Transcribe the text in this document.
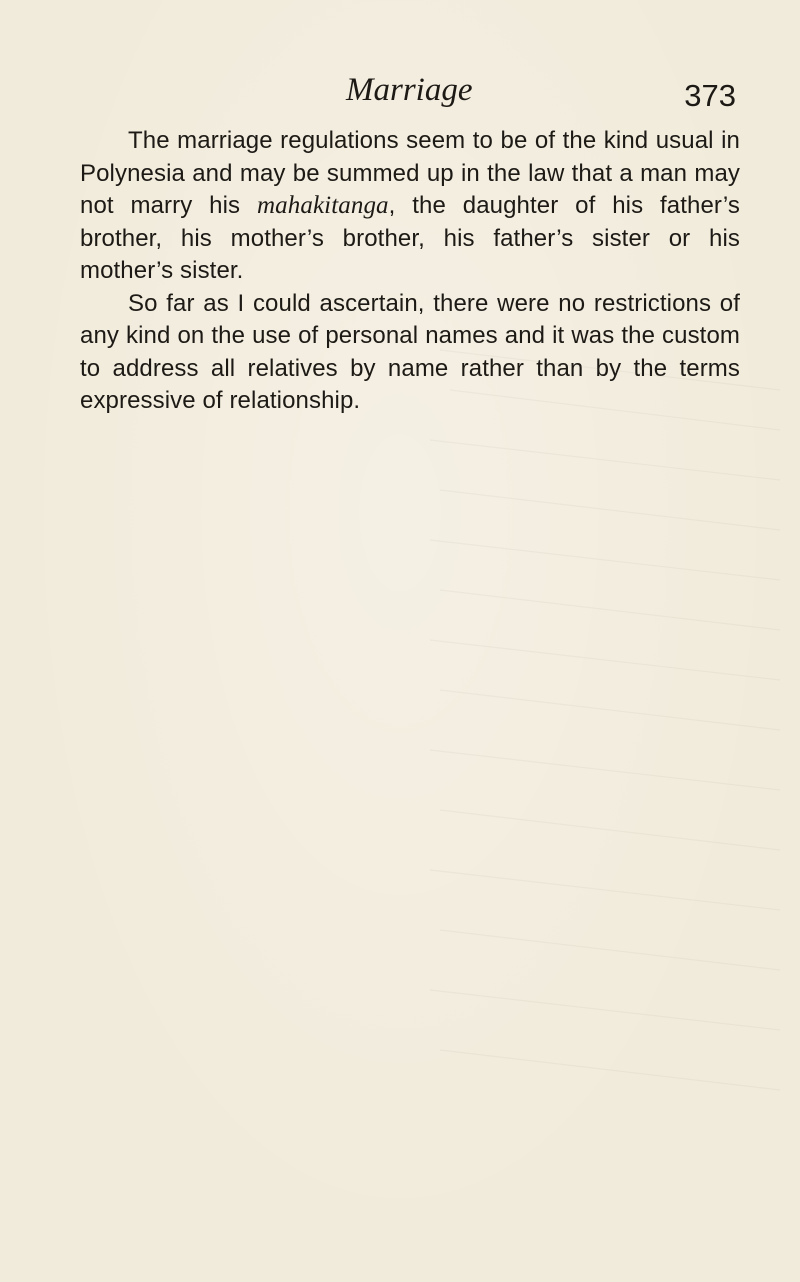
Marriage	373

The marriage regulations seem to be of the kind usual in Polynesia and may be summed up in the law that a man may not marry his mahakitanga, the daughter of his father’s brother, his mother’s brother, his father’s sister or his mother’s sister.

So far as I could ascertain, there were no restrictions of any kind on the use of personal names and it was the custom to address all relatives by name rather than by the terms expressive of relationship.
